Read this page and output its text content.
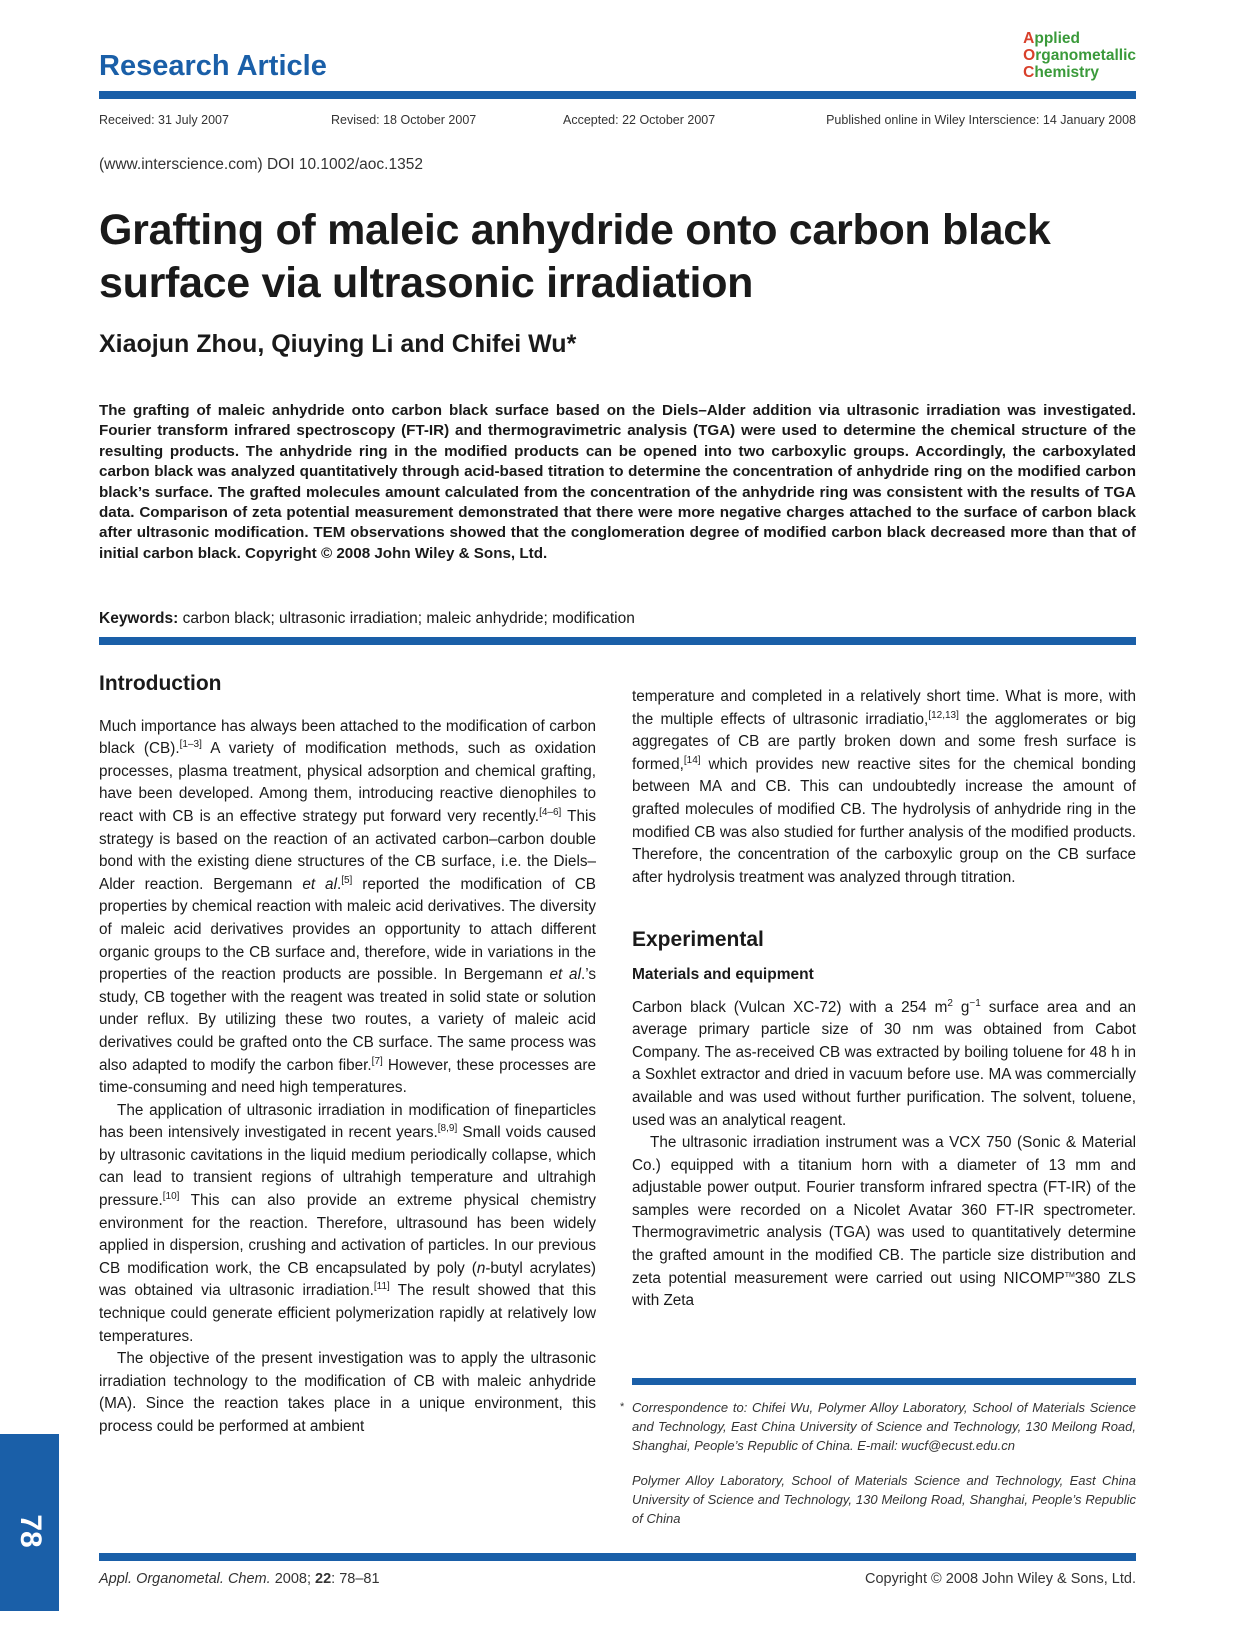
Research Article
Applied
Organometallic
Chemistry
Received: 31 July 2007	Revised: 18 October 2007	Accepted: 22 October 2007	Published online in Wiley Interscience: 14 January 2008
(www.interscience.com) DOI 10.1002/aoc.1352
Grafting of maleic anhydride onto carbon black
surface via ultrasonic irradiation
Xiaojun Zhou, Qiuying Li and Chifei Wu*
The grafting of maleic anhydride onto carbon black surface based on the Diels–Alder addition via ultrasonic irradiation was investigated. Fourier transform infrared spectroscopy (FT-IR) and thermogravimetric analysis (TGA) were used to determine the chemical structure of the resulting products. The anhydride ring in the modified products can be opened into two carboxylic groups. Accordingly, the carboxylated carbon black was analyzed quantitatively through acid-based titration to determine the concentration of anhydride ring on the modified carbon black’s surface. The grafted molecules amount calculated from the concentration of the anhydride ring was consistent with the results of TGA data. Comparison of zeta potential measurement demonstrated that there were more negative charges attached to the surface of carbon black after ultrasonic modification. TEM observations showed that the conglomeration degree of modified carbon black decreased more than that of initial carbon black. Copyright © 2008 John Wiley & Sons, Ltd.
Keywords: carbon black; ultrasonic irradiation; maleic anhydride; modification
Introduction

Much importance has always been attached to the modification of carbon black (CB).[1–3] A variety of modification methods, such as oxidation processes, plasma treatment, physical adsorption and chemical grafting, have been developed. Among them, introducing reactive dienophiles to react with CB is an effective strategy put forward very recently.[4–6] This strategy is based on the reaction of an activated carbon–carbon double bond with the existing diene structures of the CB surface, i.e. the Diels–Alder reaction. Bergemann et al.[5] reported the modification of CB properties by chemical reaction with maleic acid derivatives. The diversity of maleic acid derivatives provides an opportunity to attach different organic groups to the CB surface and, therefore, wide in variations in the properties of the reaction products are possible. In Bergemann et al.’s study, CB together with the reagent was treated in solid state or solution under reflux. By utilizing these two routes, a variety of maleic acid derivatives could be grafted onto the CB surface. The same process was also adapted to modify the carbon fiber.[7] However, these processes are time-consuming and need high temperatures.

The application of ultrasonic irradiation in modification of fineparticles has been intensively investigated in recent years.[8,9] Small voids caused by ultrasonic cavitations in the liquid medium periodically collapse, which can lead to transient regions of ultrahigh temperature and ultrahigh pressure.[10] This can also provide an extreme physical chemistry environment for the reaction. Therefore, ultrasound has been widely applied in dispersion, crushing and activation of particles. In our previous CB modification work, the CB encapsulated by poly (n-butyl acrylates) was obtained via ultrasonic irradiation.[11] The result showed that this technique could generate efficient polymerization rapidly at relatively low temperatures.

The objective of the present investigation was to apply the ultrasonic irradiation technology to the modification of CB with maleic anhydride (MA). Since the reaction takes place in a unique environment, this process could be performed at ambient

temperature and completed in a relatively short time. What is more, with the multiple effects of ultrasonic irradiatio,[12,13] the agglomerates or big aggregates of CB are partly broken down and some fresh surface is formed,[14] which provides new reactive sites for the chemical bonding between MA and CB. This can undoubtedly increase the amount of grafted molecules of modified CB. The hydrolysis of anhydride ring in the modified CB was also studied for further analysis of the modified products. Therefore, the concentration of the carboxylic group on the CB surface after hydrolysis treatment was analyzed through titration.

Experimental
Materials and equipment

Carbon black (Vulcan XC-72) with a 254 $m^2$ $g^{-1}$ surface area and an average primary particle size of 30 nm was obtained from Cabot Company. The as-received CB was extracted by boiling toluene for 48 h in a Soxhlet extractor and dried in vacuum before use. MA was commercially available and was used without further purification. The solvent, toluene, used was an analytical reagent.

The ultrasonic irradiation instrument was a VCX 750 (Sonic & Material Co.) equipped with a titanium horn with a diameter of 13 mm and adjustable power output. Fourier transform infrared spectra (FT-IR) of the samples were recorded on a Nicolet Avatar 360 FT-IR spectrometer. Thermogravimetric analysis (TGA) was used to quantitatively determine the grafted amount in the modified CB. The particle size distribution and zeta potential measurement were carried out using NICOMP™380 ZLS with Zeta

* Correspondence to: Chifei Wu, Polymer Alloy Laboratory, School of Materials Science and Technology, East China University of Science and Technology, 130 Meilong Road, Shanghai, People’s Republic of China. E-mail: wucf@ecust.edu.cn

Polymer Alloy Laboratory, School of Materials Science and Technology, East China University of Science and Technology, 130 Meilong Road, Shanghai, People’s Republic of China

78
Appl. Organometal. Chem. 2008; 22: 78–81	Copyright © 2008 John Wiley & Sons, Ltd.
